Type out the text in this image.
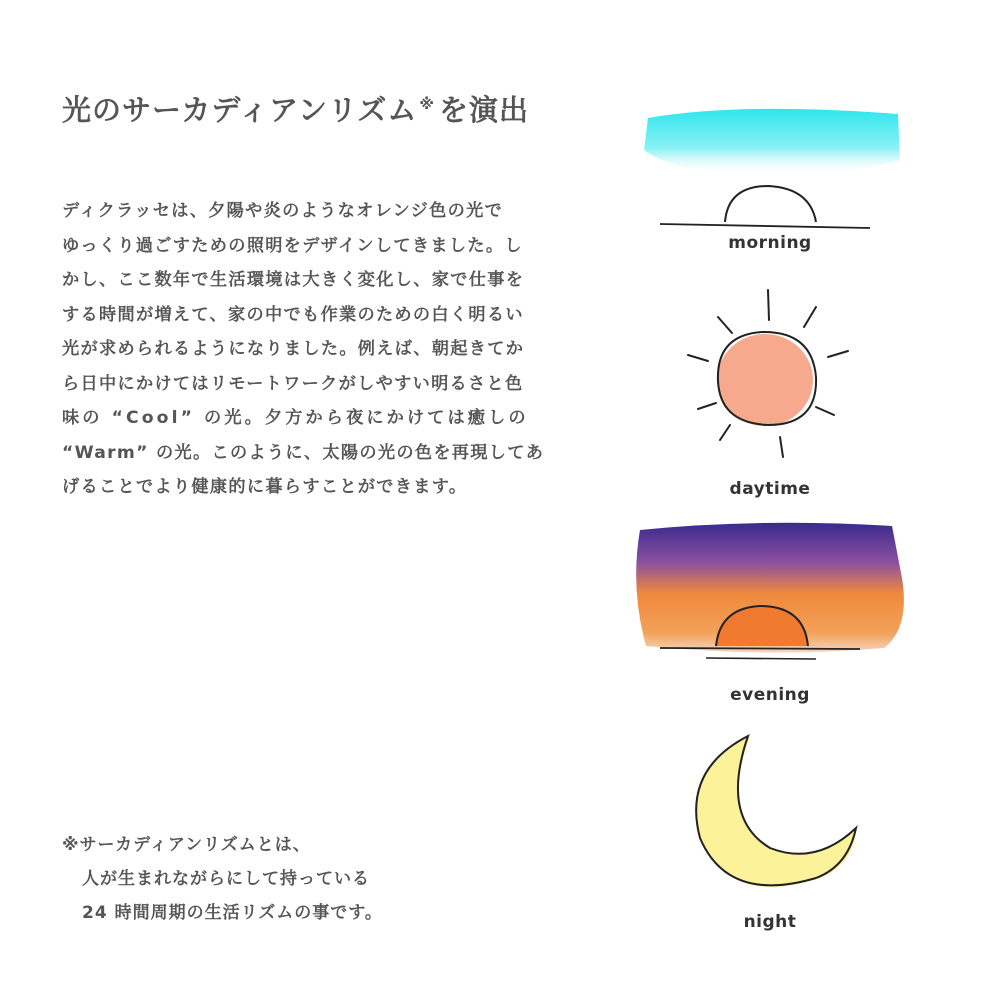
光のサーカディアンリズム ※ を演出
ディクラッセは、夕陽や炎のようなオレンジ色の光で
ゆっくり過ごすための照明をデザインしてきました。し
かし、ここ数年で生活環境は大きく変化し、家で仕事を
する時間が増えて、家の中でも作業のための白く明るい
光が求められるようになりました。例えば、朝起きてか
ら日中にかけてはリモートワークがしやすい明るさと色
味の “Cool” の光。夕方から夜にかけては癒しの
“Warm” の光。このように、太陽の光の色を再現してあ
げることでより健康的に暮らすことができます。
※サーカディアンリズムとは、
人が生まれながらにして持っている
24 時間周期の生活リズムの事です。
morning
daytime
evening
night
